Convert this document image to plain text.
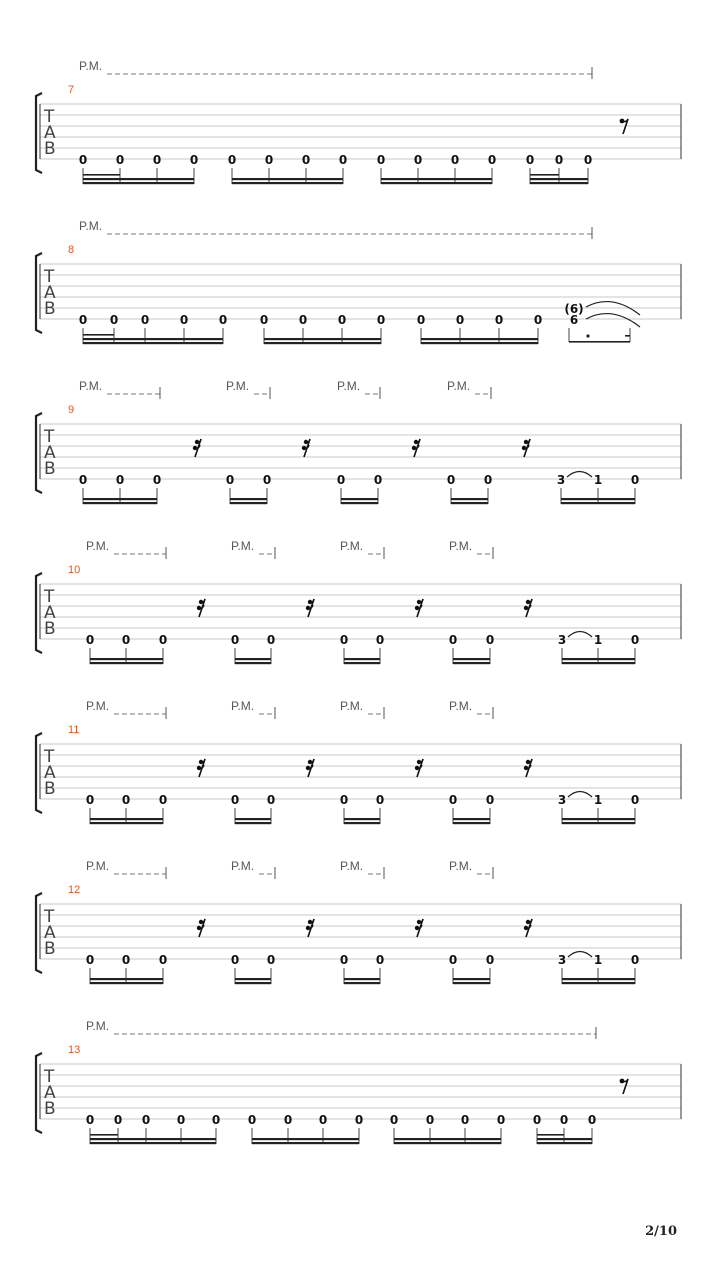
T
A
B
7
P.M.
0 0 0 0 0 0 0 0 0 0 0 0 0 0 0
T
A
B
8
P.M.
0 0 0	0	0	0	0	0	0	0	0	0	0
(6)
6
T
A
B
9
P.M.	P.M.	P.M.	P.M.
0 0 0	0 0	0 0	0 0	3 1 0
T
A
B
10
P.M.	P.M.	P.M.	P.M.
0 0 0	0 0	0 0	0 0	3 1 0
T
A
B
11
P.M.	P.M.	P.M.	P.M.
0 0 0	0 0	0 0	0 0	3 1 0
T
A
B
12
P.M.	P.M.	P.M.	P.M.
0 0 0	0 0	0 0	0 0	3 1 0
T
A
B
13
P.M.
0 0 0 0 0 0 0 0 0 0 0 0 0 0 0 0
2/10
